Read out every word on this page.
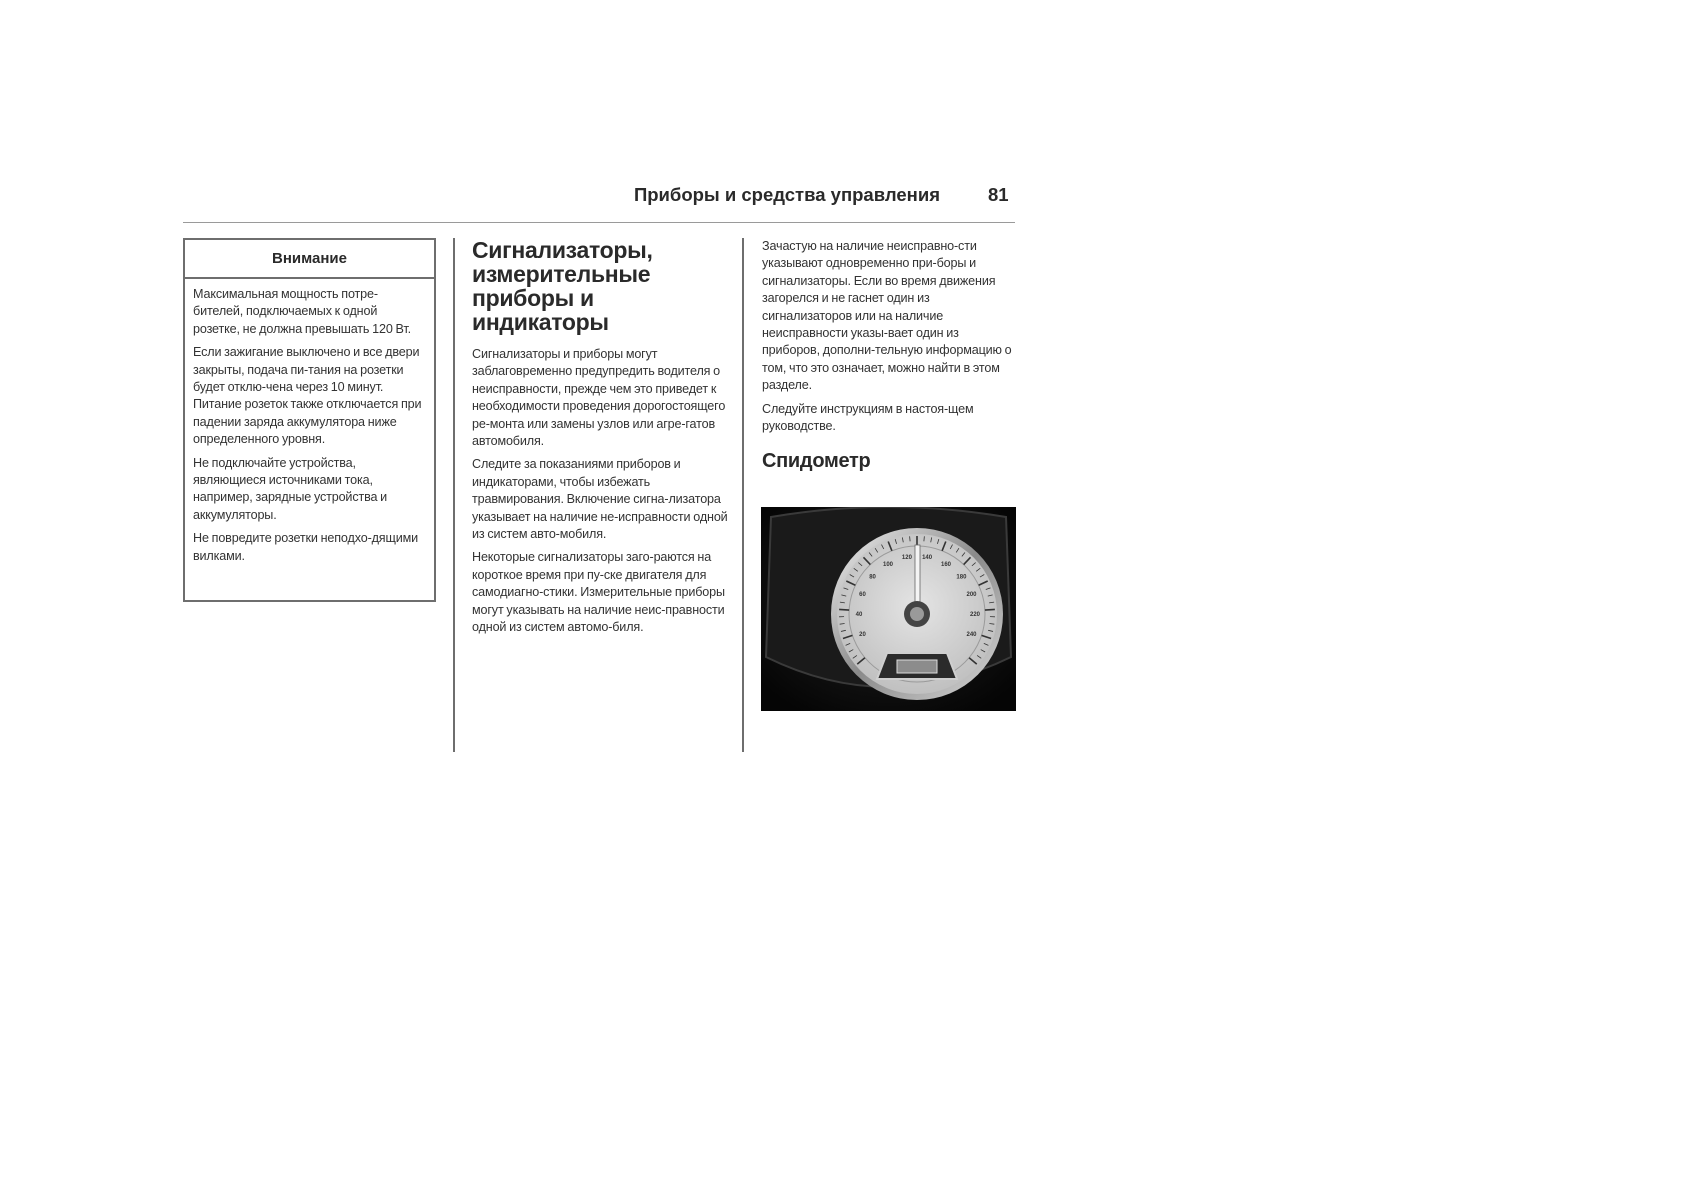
Приборы и средства управления	81
Внимание

Максимальная мощность потре-бителей, подключаемых к одной розетке, не должна превышать 120 Вт.

Если зажигание выключено и все двери закрыты, подача пи-тания на розетки будет отклю-чена через 10 минут. Питание розеток также отключается при падении заряда аккумулятора ниже определенного уровня.

Не подключайте устройства, являющиеся источниками тока, например, зарядные устройства и аккумуляторы.

Не повредите розетки неподхо-дящими вилками.

Сигнализаторы, измерительные приборы и индикаторы

Сигнализаторы и приборы могут заблаговременно предупредить водителя о неисправности, прежде чем это приведет к необходимости проведения дорогостоящего ре-монта или замены узлов или агре-гатов автомобиля.

Следите за показаниями приборов и индикаторами, чтобы избежать травмирования. Включение сигна-лизатора указывает на наличие не-исправности одной из систем авто-мобиля.

Некоторые сигнализаторы заго-раются на короткое время при пу-ске двигателя для самодиагно-стики. Измерительные приборы могут указывать на наличие неис-правности одной из систем автомо-биля.

Зачастую на наличие неисправно-сти указывают одновременно при-боры и сигнализаторы. Если во время движения загорелся и не гаснет один из сигнализаторов или на наличие неисправности указы-вает один из приборов, дополни-тельную информацию о том, что это означает, можно найти в этом разделе.

Следуйте инструкциям в настоя-щем руководстве.

Спидометр
20
40
60
80
100
120 140
160
180
200
220
240
